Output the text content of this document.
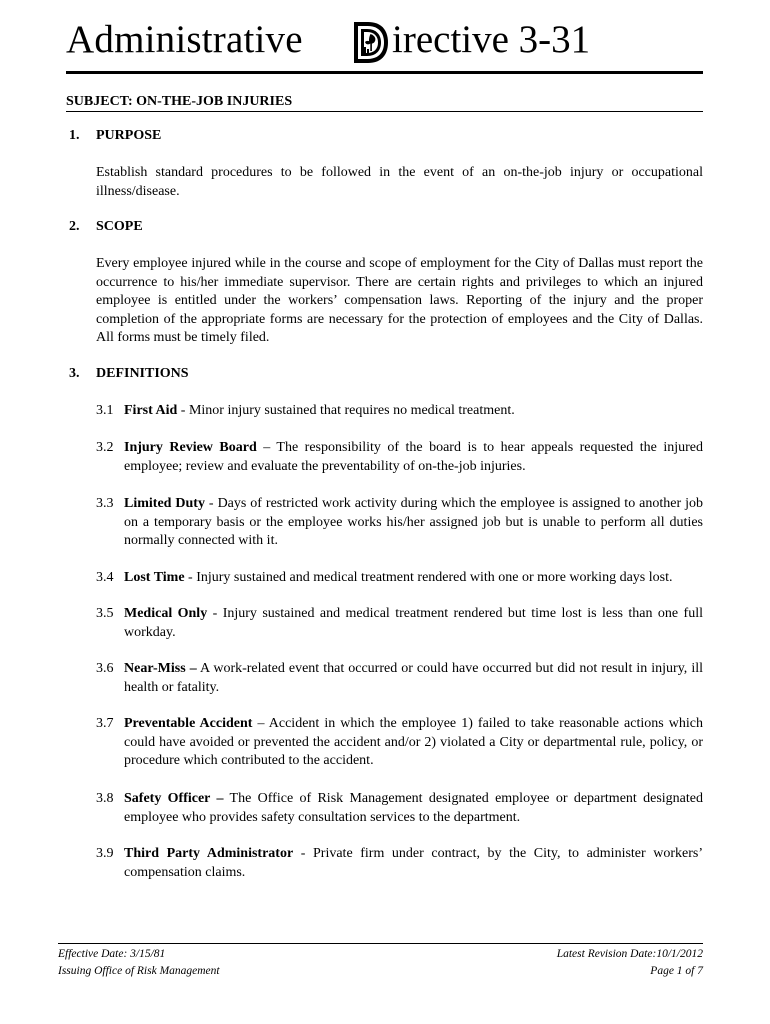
Administrative irective 3-31
SUBJECT: ON-THE-JOB INJURIES
1. PURPOSE
Establish standard procedures to be followed in the event of an on-the-job injury or occupational illness/disease.
2. SCOPE
Every employee injured while in the course and scope of employment for the City of Dallas must report the occurrence to his/her immediate supervisor. There are certain rights and privileges to which an injured employee is entitled under the workers’ compensation laws. Reporting of the injury and the proper completion of the appropriate forms are necessary for the protection of employees and the City of Dallas. All forms must be timely filed.
3. DEFINITIONS
3.1 First Aid - Minor injury sustained that requires no medical treatment.
3.2 Injury Review Board – The responsibility of the board is to hear appeals requested the injured employee; review and evaluate the preventability of on-the-job injuries.
3.3 Limited Duty - Days of restricted work activity during which the employee is assigned to another job on a temporary basis or the employee works his/her assigned job but is unable to perform all duties normally connected with it.
3.4 Lost Time - Injury sustained and medical treatment rendered with one or more working days lost.
3.5 Medical Only - Injury sustained and medical treatment rendered but time lost is less than one full workday.
3.6 Near-Miss – A work-related event that occurred or could have occurred but did not result in injury, ill health or fatality.
3.7 Preventable Accident – Accident in which the employee 1) failed to take reasonable actions which could have avoided or prevented the accident and/or 2) violated a City or departmental rule, policy, or procedure which contributed to the accident.
3.8 Safety Officer – The Office of Risk Management designated employee or department designated employee who provides safety consultation services to the department.
3.9 Third Party Administrator - Private firm under contract, by the City, to administer workers’ compensation claims.
Effective Date: 3/15/81
Issuing Office of Risk Management
Latest Revision Date:10/1/2012
Page 1 of 7
